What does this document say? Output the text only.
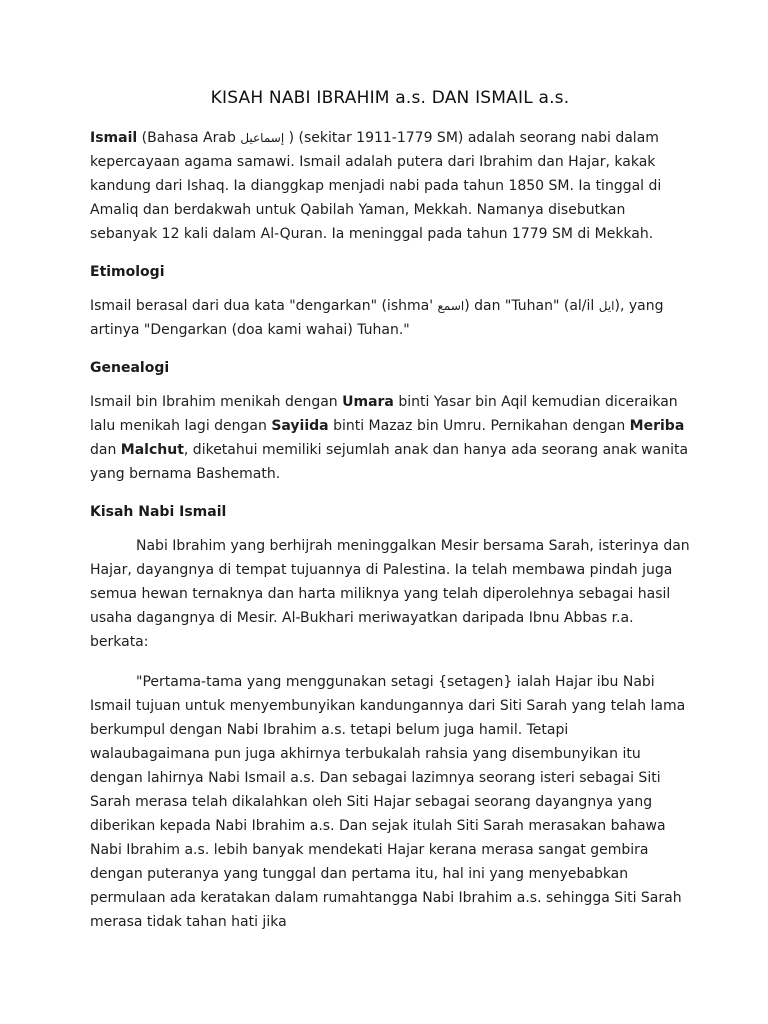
KISAH NABI IBRAHIM a.s. DAN ISMAIL a.s.

Ismail (Bahasa Arab إسماعيل ) (sekitar 1911-1779 SM) adalah seorang nabi dalam kepercayaan agama samawi. Ismail adalah putera dari Ibrahim dan Hajar, kakak kandung dari Ishaq. Ia dianggkap menjadi nabi pada tahun 1850 SM. Ia tinggal di Amaliq dan berdakwah untuk Qabilah Yaman, Mekkah. Namanya disebutkan sebanyak 12 kali dalam Al-Quran. Ia meninggal pada tahun 1779 SM di Mekkah.

Etimologi

Ismail berasal dari dua kata "dengarkan" (ishma' اسمع) dan "Tuhan" (al/il ايل), yang artinya "Dengarkan (doa kami wahai) Tuhan."

Genealogi

Ismail bin Ibrahim menikah dengan Umara binti Yasar bin Aqil kemudian diceraikan lalu menikah lagi dengan Sayiida binti Mazaz bin Umru. Pernikahan dengan Meriba dan Malchut, diketahui memiliki sejumlah anak dan hanya ada seorang anak wanita yang bernama Bashemath.

Kisah Nabi Ismail

Nabi Ibrahim yang berhijrah meninggalkan Mesir bersama Sarah, isterinya dan Hajar, dayangnya di tempat tujuannya di Palestina. Ia telah membawa pindah juga semua hewan ternaknya dan harta miliknya yang telah diperolehnya sebagai hasil usaha dagangnya di Mesir. Al-Bukhari meriwayatkan daripada Ibnu Abbas r.a. berkata:

"Pertama-tama yang menggunakan setagi {setagen} ialah Hajar ibu Nabi Ismail tujuan untuk menyembunyikan kandungannya dari Siti Sarah yang telah lama berkumpul dengan Nabi Ibrahim a.s. tetapi belum juga hamil. Tetapi walaubagaimana pun juga akhirnya terbukalah rahsia yang disembunyikan itu dengan lahirnya Nabi Ismail a.s. Dan sebagai lazimnya seorang isteri sebagai Siti Sarah merasa telah dikalahkan oleh Siti Hajar sebagai seorang dayangnya yang diberikan kepada Nabi Ibrahim a.s. Dan sejak itulah Siti Sarah merasakan bahawa Nabi Ibrahim a.s. lebih banyak mendekati Hajar kerana merasa sangat gembira dengan puteranya yang tunggal dan pertama itu, hal ini yang menyebabkan permulaan ada keratakan dalam rumahtangga Nabi Ibrahim a.s. sehingga Siti Sarah merasa tidak tahan hati jika
